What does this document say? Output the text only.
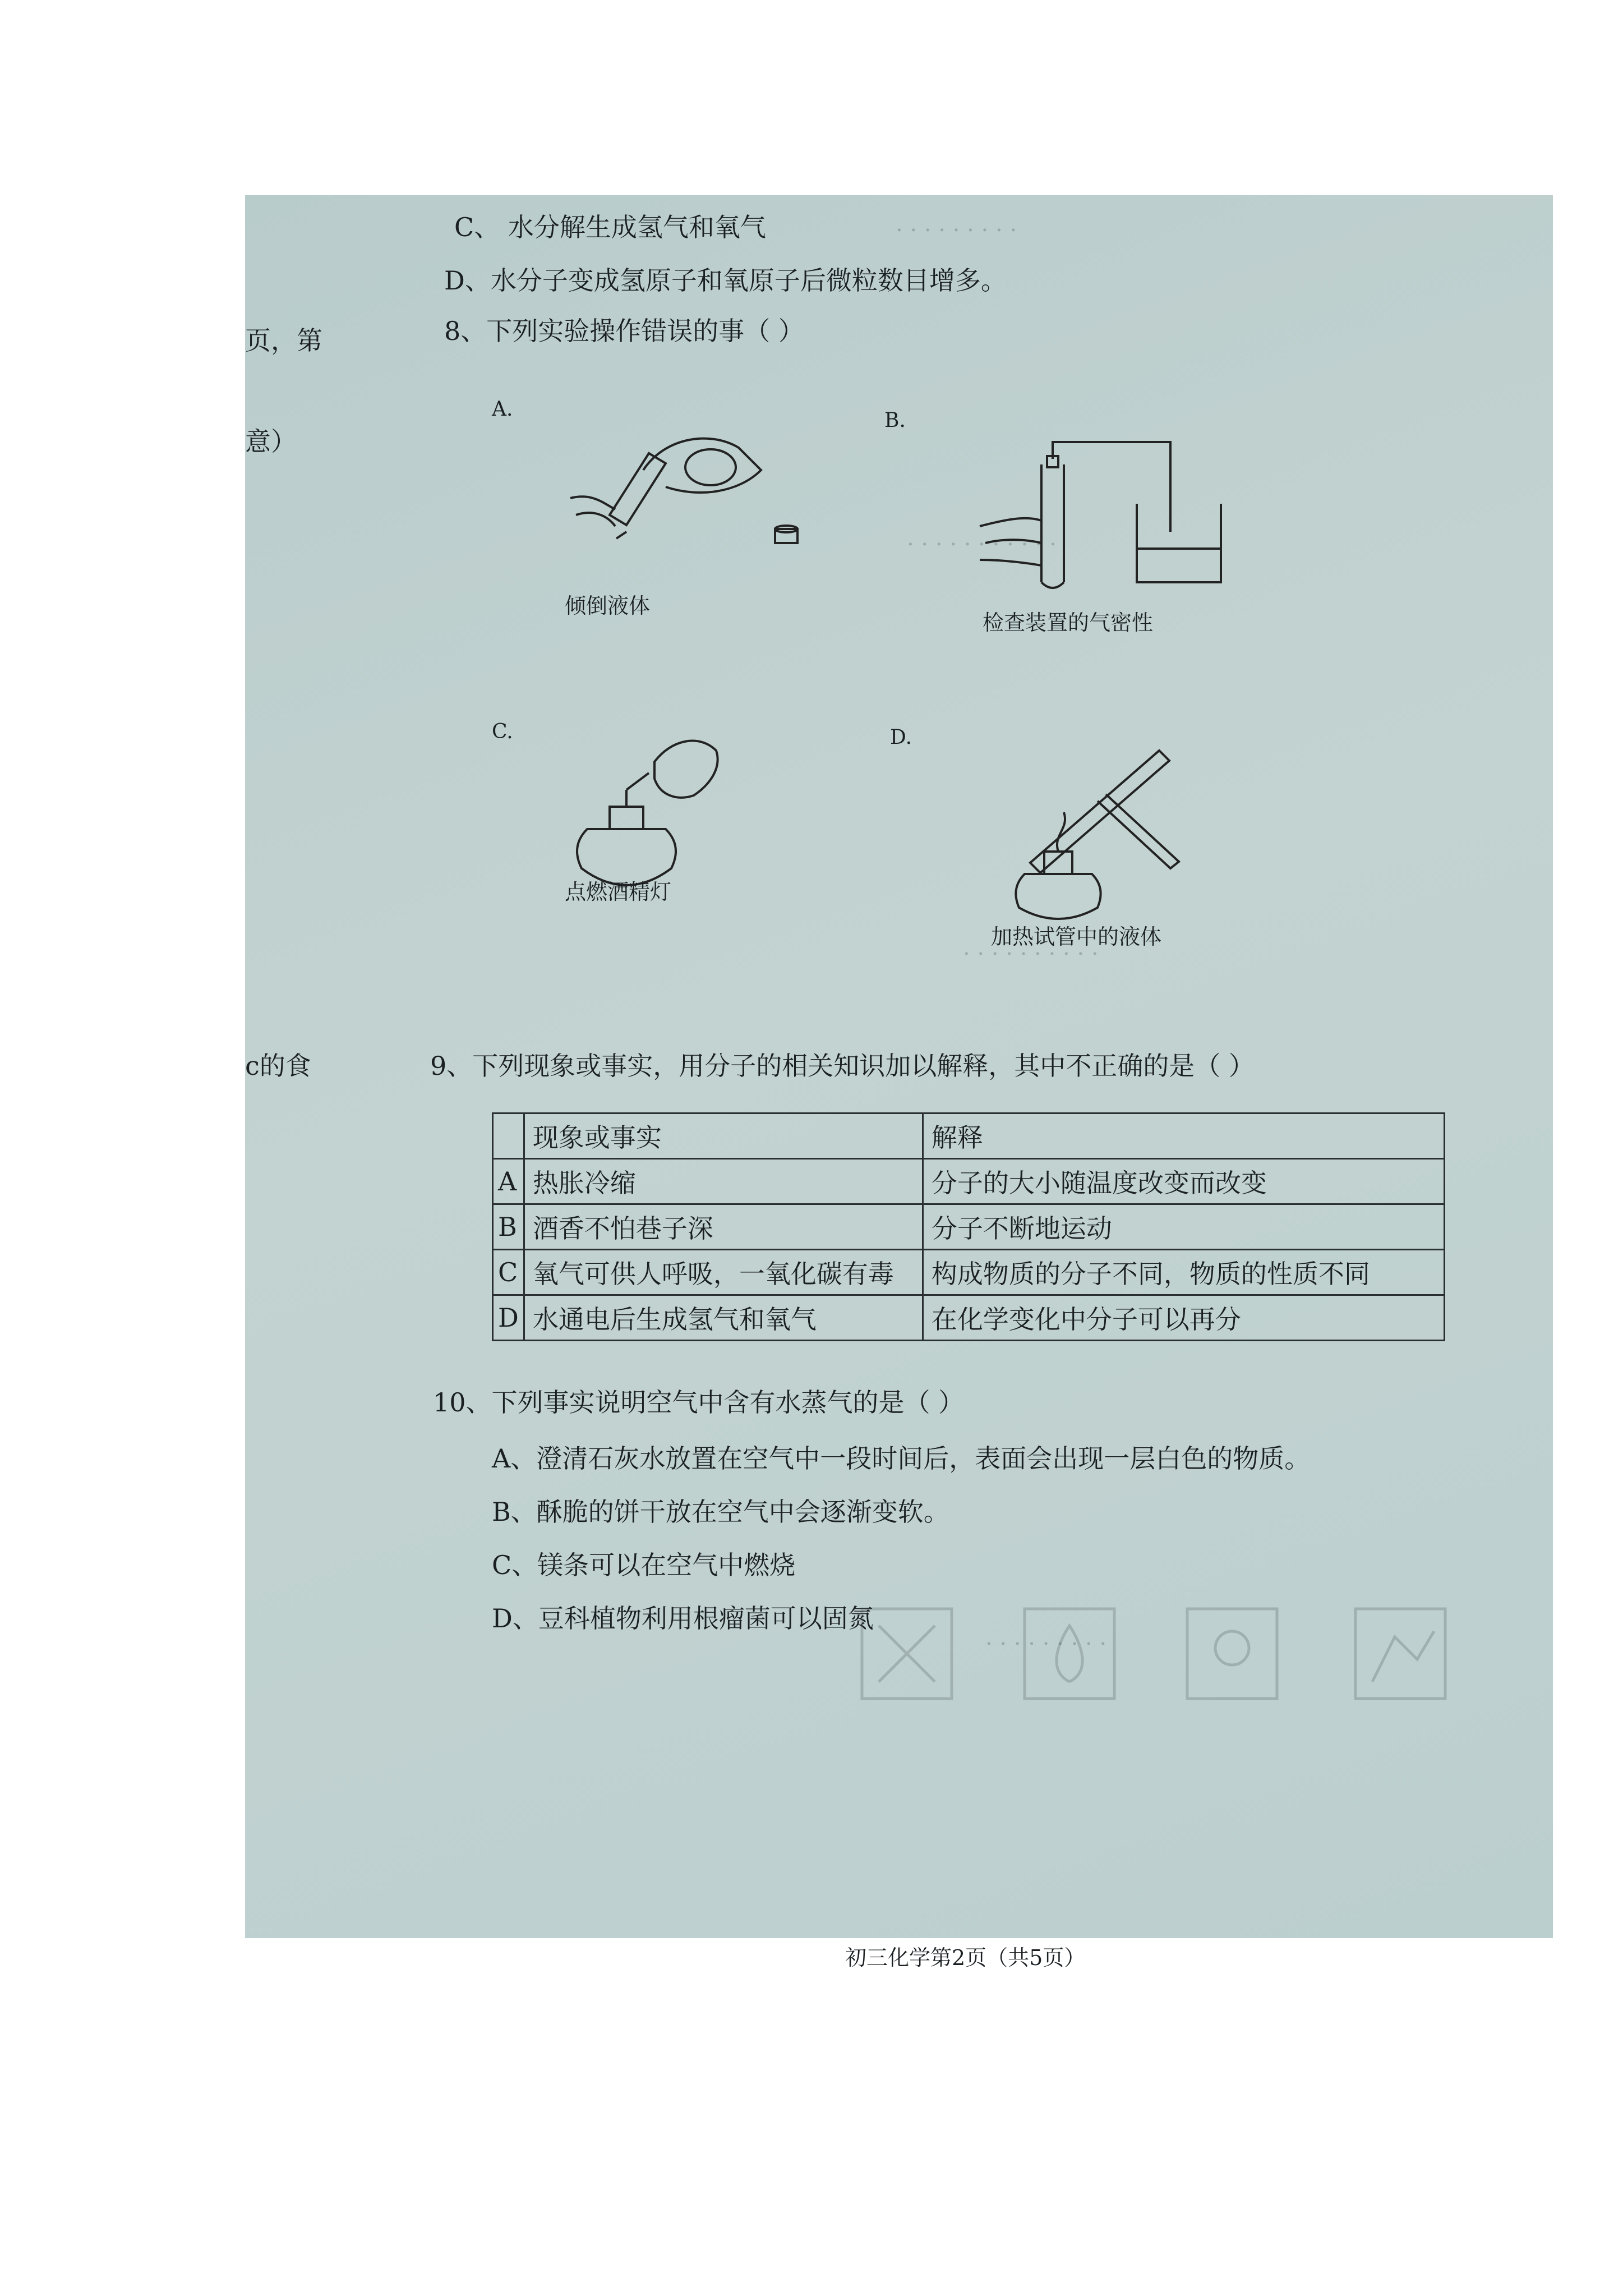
· · · · · · · · ·
· · · · · · · · · · ·
· · · · · · · · · ·
· · · · · · · · ·
页，第
意）
c的食
C、 水分解生成氢气和氧气
D、水分子变成氢原子和氧原子后微粒数目增多。
8、下列实验操作错误的事（ ）
A.
倾倒液体
B.
检查装置的气密性
C.
点燃酒精灯
D.
加热试管中的液体
9、下列现象或事实，用分子的相关知识加以解释，其中不正确的是（ ）
	现象或事实	解释
A	热胀冷缩	分子的大小随温度改变而改变
B	酒香不怕巷子深	分子不断地运动
C	氧气可供人呼吸，一氧化碳有毒	构成物质的分子不同，物质的性质不同
D	水通电后生成氢气和氧气	在化学变化中分子可以再分
10、下列事实说明空气中含有水蒸气的是（ ）
A、澄清石灰水放置在空气中一段时间后，表面会出现一层白色的物质。
B、酥脆的饼干放在空气中会逐渐变软。
C、镁条可以在空气中燃烧
D、豆科植物利用根瘤菌可以固氮
初三化学第2页（共5页）
